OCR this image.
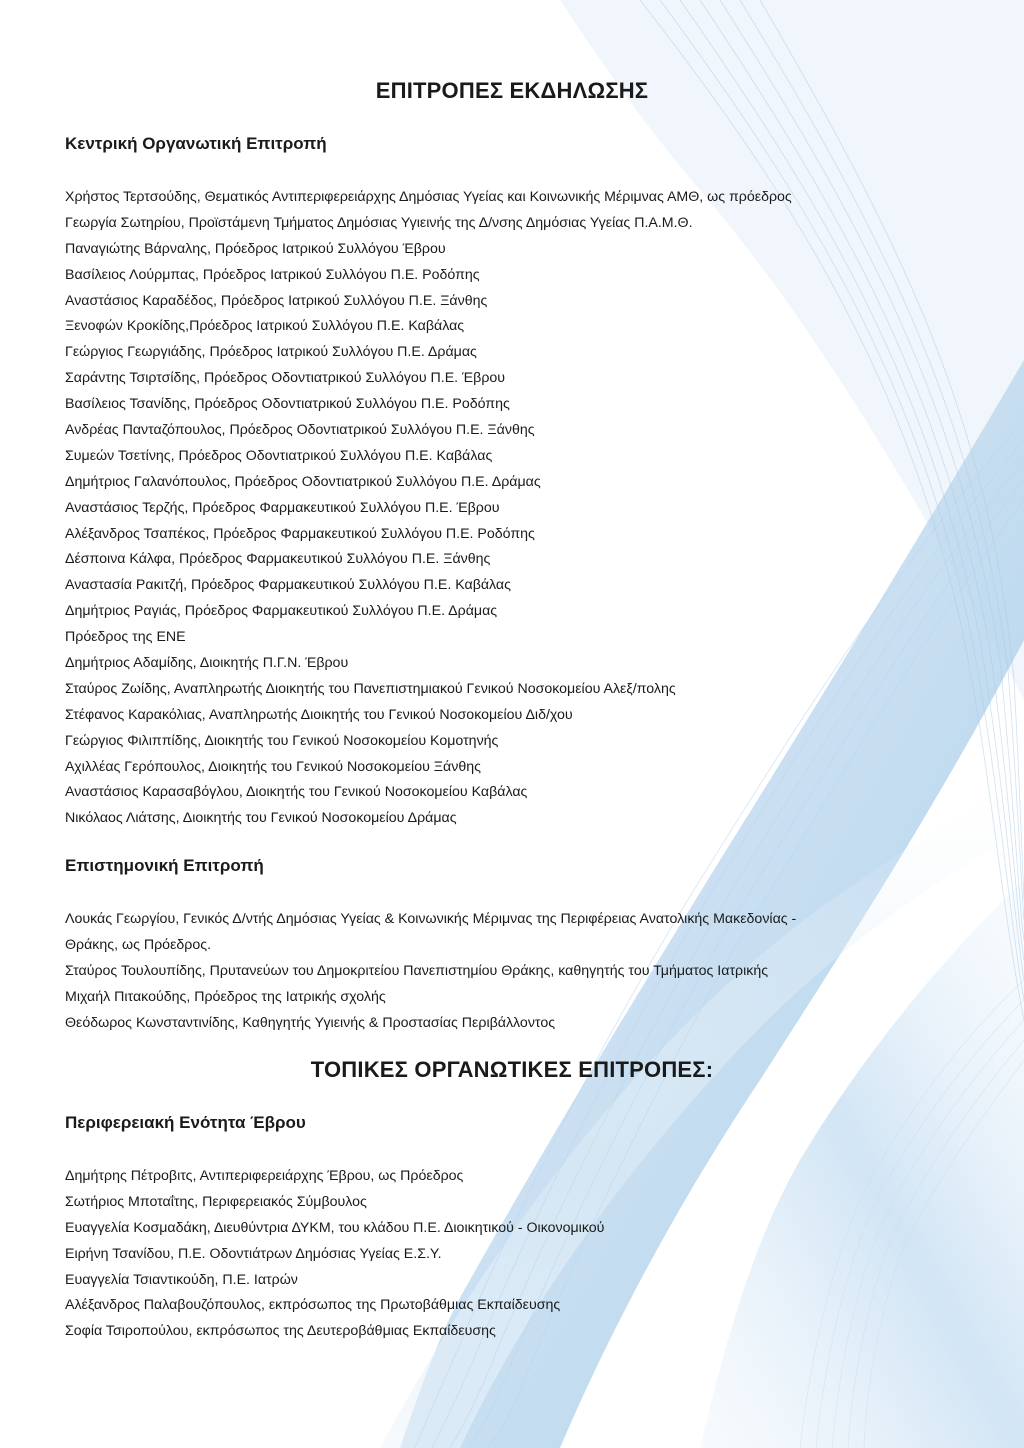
ΕΠΙΤΡΟΠΕΣ ΕΚΔΗΛΩΣΗΣ
Κεντρική Οργανωτική Επιτροπή
Χρήστος Τερτσούδης, Θεματικός Αντιπεριφερειάρχης Δημόσιας Υγείας και Κοινωνικής Μέριμνας ΑΜΘ, ως πρόεδρος
Γεωργία Σωτηρίου, Προϊστάμενη Τμήματος Δημόσιας Υγιεινής της Δ/νσης Δημόσιας Υγείας Π.Α.Μ.Θ.
Παναγιώτης Βάρναλης, Πρόεδρος Ιατρικού Συλλόγου Έβρου
Βασίλειος Λούρμπας, Πρόεδρος Ιατρικού Συλλόγου Π.Ε. Ροδόπης
Αναστάσιος Καραδέδος, Πρόεδρος Ιατρικού Συλλόγου Π.Ε. Ξάνθης
Ξενοφών Κροκίδης,Πρόεδρος Ιατρικού Συλλόγου Π.Ε. Καβάλας
Γεώργιος Γεωργιάδης, Πρόεδρος Ιατρικού Συλλόγου Π.Ε. Δράμας
Σαράντης Τσιρτσίδης, Πρόεδρος Οδοντιατρικού Συλλόγου Π.Ε. Έβρου
Βασίλειος Τσανίδης, Πρόεδρος Οδοντιατρικού Συλλόγου Π.Ε. Ροδόπης
Ανδρέας Πανταζόπουλος, Πρόεδρος Οδοντιατρικού Συλλόγου Π.Ε. Ξάνθης
Συμεών Τσετίνης, Πρόεδρος Οδοντιατρικού Συλλόγου Π.Ε. Καβάλας
Δημήτριος Γαλανόπουλος, Πρόεδρος Οδοντιατρικού Συλλόγου Π.Ε. Δράμας
Αναστάσιος Τερζής, Πρόεδρος Φαρμακευτικού Συλλόγου Π.Ε. Έβρου
Αλέξανδρος Τσαπέκος, Πρόεδρος Φαρμακευτικού Συλλόγου Π.Ε. Ροδόπης
Δέσποινα Κάλφα, Πρόεδρος Φαρμακευτικού Συλλόγου Π.Ε. Ξάνθης
Αναστασία Ρακιτζή, Πρόεδρος Φαρμακευτικού Συλλόγου Π.Ε. Καβάλας
Δημήτριος Ραγιάς, Πρόεδρος Φαρμακευτικού Συλλόγου Π.Ε. Δράμας
Πρόεδρος της ΕΝΕ
Δημήτριος Αδαμίδης, Διοικητής Π.Γ.Ν. Έβρου
Σταύρος Ζωίδης, Αναπληρωτής Διοικητής του Πανεπιστημιακού Γενικού Νοσοκομείου Αλεξ/πολης
Στέφανος Καρακόλιας, Αναπληρωτής Διοικητής του Γενικού Νοσοκομείου Διδ/χου
Γεώργιος Φιλιππίδης, Διοικητής του Γενικού Νοσοκομείου Κομοτηνής
Αχιλλέας Γερόπουλος, Διοικητής του Γενικού Νοσοκομείου Ξάνθης
Αναστάσιος Καρασαβόγλου, Διοικητής του Γενικού Νοσοκομείου Καβάλας
Νικόλαος Λιάτσης, Διοικητής του Γενικού Νοσοκομείου Δράμας
Επιστημονική Επιτροπή
Λουκάς Γεωργίου, Γενικός Δ/ντής Δημόσιας Υγείας & Κοινωνικής Μέριμνας της Περιφέρειας Ανατολικής Μακεδονίας -
Θράκης, ως Πρόεδρος.
Σταύρος Τουλουπίδης, Πρυτανεύων του Δημοκριτείου Πανεπιστημίου Θράκης, καθηγητής του Τμήματος Ιατρικής
Μιχαήλ Πιτακούδης, Πρόεδρος της Ιατρικής σχολής
Θεόδωρος Κωνσταντινίδης, Καθηγητής Υγιεινής & Προστασίας Περιβάλλοντος
ΤΟΠΙΚΕΣ ΟΡΓΑΝΩΤΙΚΕΣ ΕΠΙΤΡΟΠΕΣ:
Περιφερειακή Ενότητα Έβρου
Δημήτρης Πέτροβιτς, Αντιπεριφερειάρχης Έβρου, ως Πρόεδρος
Σωτήριος Μποταΐτης, Περιφερειακός Σύμβουλος
Ευαγγελία Κοσμαδάκη, Διευθύντρια ΔΥΚΜ, του κλάδου Π.Ε. Διοικητικού - Οικονομικού
Ειρήνη Τσανίδου, Π.Ε. Οδοντιάτρων Δημόσιας Υγείας Ε.Σ.Υ.
Ευαγγελία Τσιαντικούδη, Π.Ε. Ιατρών
Αλέξανδρος Παλαβουζόπουλος, εκπρόσωπος της Πρωτοβάθμιας Εκπαίδευσης
Σοφία Τσιροπούλου, εκπρόσωπος της Δευτεροβάθμιας Εκπαίδευσης
